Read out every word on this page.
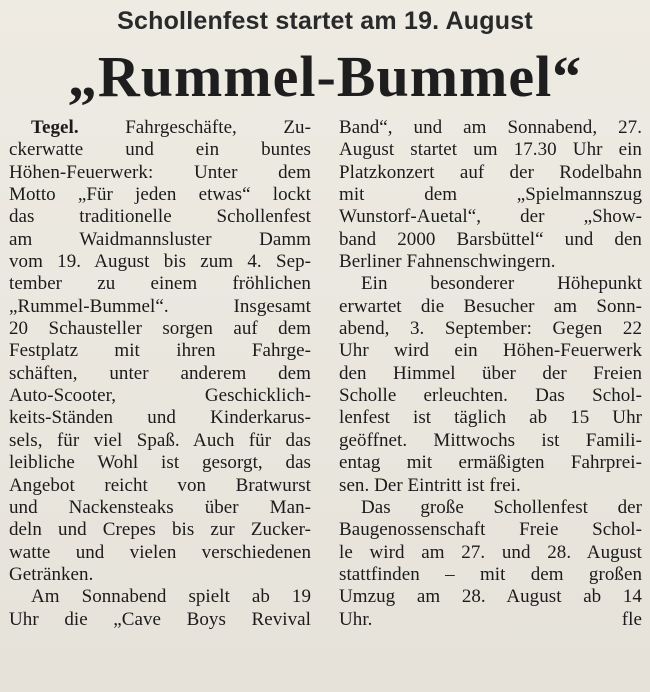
Schollenfest startet am 19. August
„Rummel-Bummel“
Tegel. Fahrgeschäfte, Zu-
ckerwatte und ein buntes
Höhen-Feuerwerk: Unter dem
Motto „Für jeden etwas“ lockt
das traditionelle Schollenfest
am Waidmannsluster Damm
vom 19. August bis zum 4. Sep-
tember zu einem fröhlichen
„Rummel-Bummel“. Insgesamt
20 Schausteller sorgen auf dem
Festplatz mit ihren Fahrge-
schäften, unter anderem dem
Auto-Scooter, Geschicklich-
keits-Ständen und Kinderkarus-
sels, für viel Spaß. Auch für das
leibliche Wohl ist gesorgt, das
Angebot reicht von Bratwurst
und Nackensteaks über Man-
deln und Crepes bis zur Zucker-
watte und vielen verschiedenen
Getränken.
Am Sonnabend spielt ab 19
Uhr die „Cave Boys Revival
Band“, und am Sonnabend, 27.
August startet um 17.30 Uhr ein
Platzkonzert auf der Rodelbahn
mit dem „Spielmannszug
Wunstorf-Auetal“, der „Show-
band 2000 Barsbüttel“ und den
Berliner Fahnenschwingern.
Ein besonderer Höhepunkt
erwartet die Besucher am Sonn-
abend, 3. September: Gegen 22
Uhr wird ein Höhen-Feuerwerk
den Himmel über der Freien
Scholle erleuchten. Das Schol-
lenfest ist täglich ab 15 Uhr
geöffnet. Mittwochs ist Famili-
entag mit ermäßigten Fahrprei-
sen. Der Eintritt ist frei.
Das große Schollenfest der
Baugenossenschaft Freie Schol-
le wird am 27. und 28. August
stattfinden – mit dem großen
Umzug am 28. August ab 14
Uhr.	fle
